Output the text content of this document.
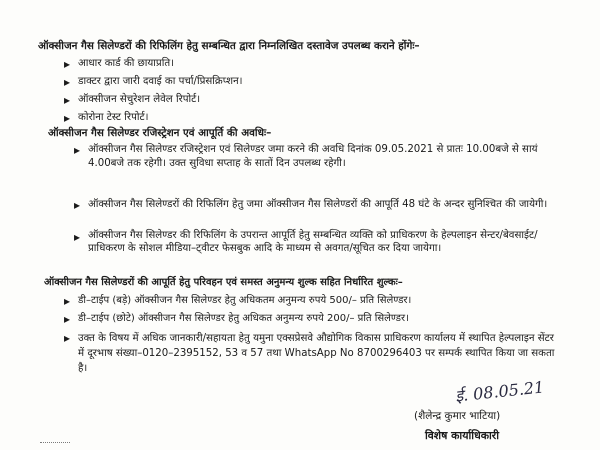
ऑक्सीजन गैस सिलेण्डरों की रिफिलिंग हेतु सम्बन्धित द्वारा निम्नलिखित दस्तावेज उपलब्ध कराने होंगेः–
▸ आधार कार्ड की छायाप्रति।
▸ डाक्टर द्वारा जारी दवाई का पर्चा/प्रिसक्रिप्शन।
▸ ऑक्सीजन सेचुरेशन लेवेल रिपोर्ट।
▸ कोरोना टेस्ट रिपोर्ट।
ऑक्सीजन गैस सिलेण्डर रजिस्ट्रेशन एवं आपूर्ति की अवधिः–
▸ ऑक्सीजन गैस सिलेण्डर रजिस्ट्रेशन एवं सिलेण्डर जमा करने की अवधि दिनांक 09.05.2021 से प्रातः 10.00बजे से सायं 4.00बजे तक रहेगी। उक्त सुविधा सप्ताह के सातों दिन उपलब्ध रहेगी।
▸ ऑक्सीजन गैस सिलेण्डरों की रिफिलिंग हेतु जमा ऑक्सीजन गैस सिलेण्डरों की आपूर्ति 48 घंटे के अन्दर सुनिश्चित की जायेगी।
▸ ऑक्सीजन गैस सिलेण्डर की रिफिलिंग के उपरान्त आपूर्ति हेतु सम्बन्धित व्यक्ति को प्राधिकरण के हेल्पलाइन सेन्टर/बेवसाईट/प्राधिकरण के सोशल मीडिया–ट्वीटर फेसबुक आदि के माध्यम से अवगत/सूचित कर दिया जायेगा।
ऑक्सीजन गैस सिलेण्डरों की आपूर्ति हेतु परिवहन एवं समस्त अनुमन्य शुल्क सहित निर्धारित शुल्कः–
▸ डी–टाईप (बड़े) ऑक्सीजन गैस सिलेण्डर हेतु अधिकतम अनुमन्य रुपये 500/– प्रति सिलेण्डर।
▸ डी–टाईप (छोटे) ऑक्सीजन गैस सिलेण्डर हेतु अधिकत अनुमन्य रुपये 200/– प्रति सिलेण्डर।
▸ उक्त के विषय में अधिक जानकारी/सहायता हेतु यमुना एक्सप्रेसवे औद्योगिक विकास प्राधिकरण कार्यालय में स्थापित हेल्पलाइन सेंटर में दूरभाष संख्या–0120–2395152, 53 व 57 तथा WhatsApp No 8700296403 पर सम्पर्क स्थापित किया जा सकता है।
ई. 08.05.21
(शैलेन्द्र कुमार भाटिया)
विशेष कार्याधिकारी
